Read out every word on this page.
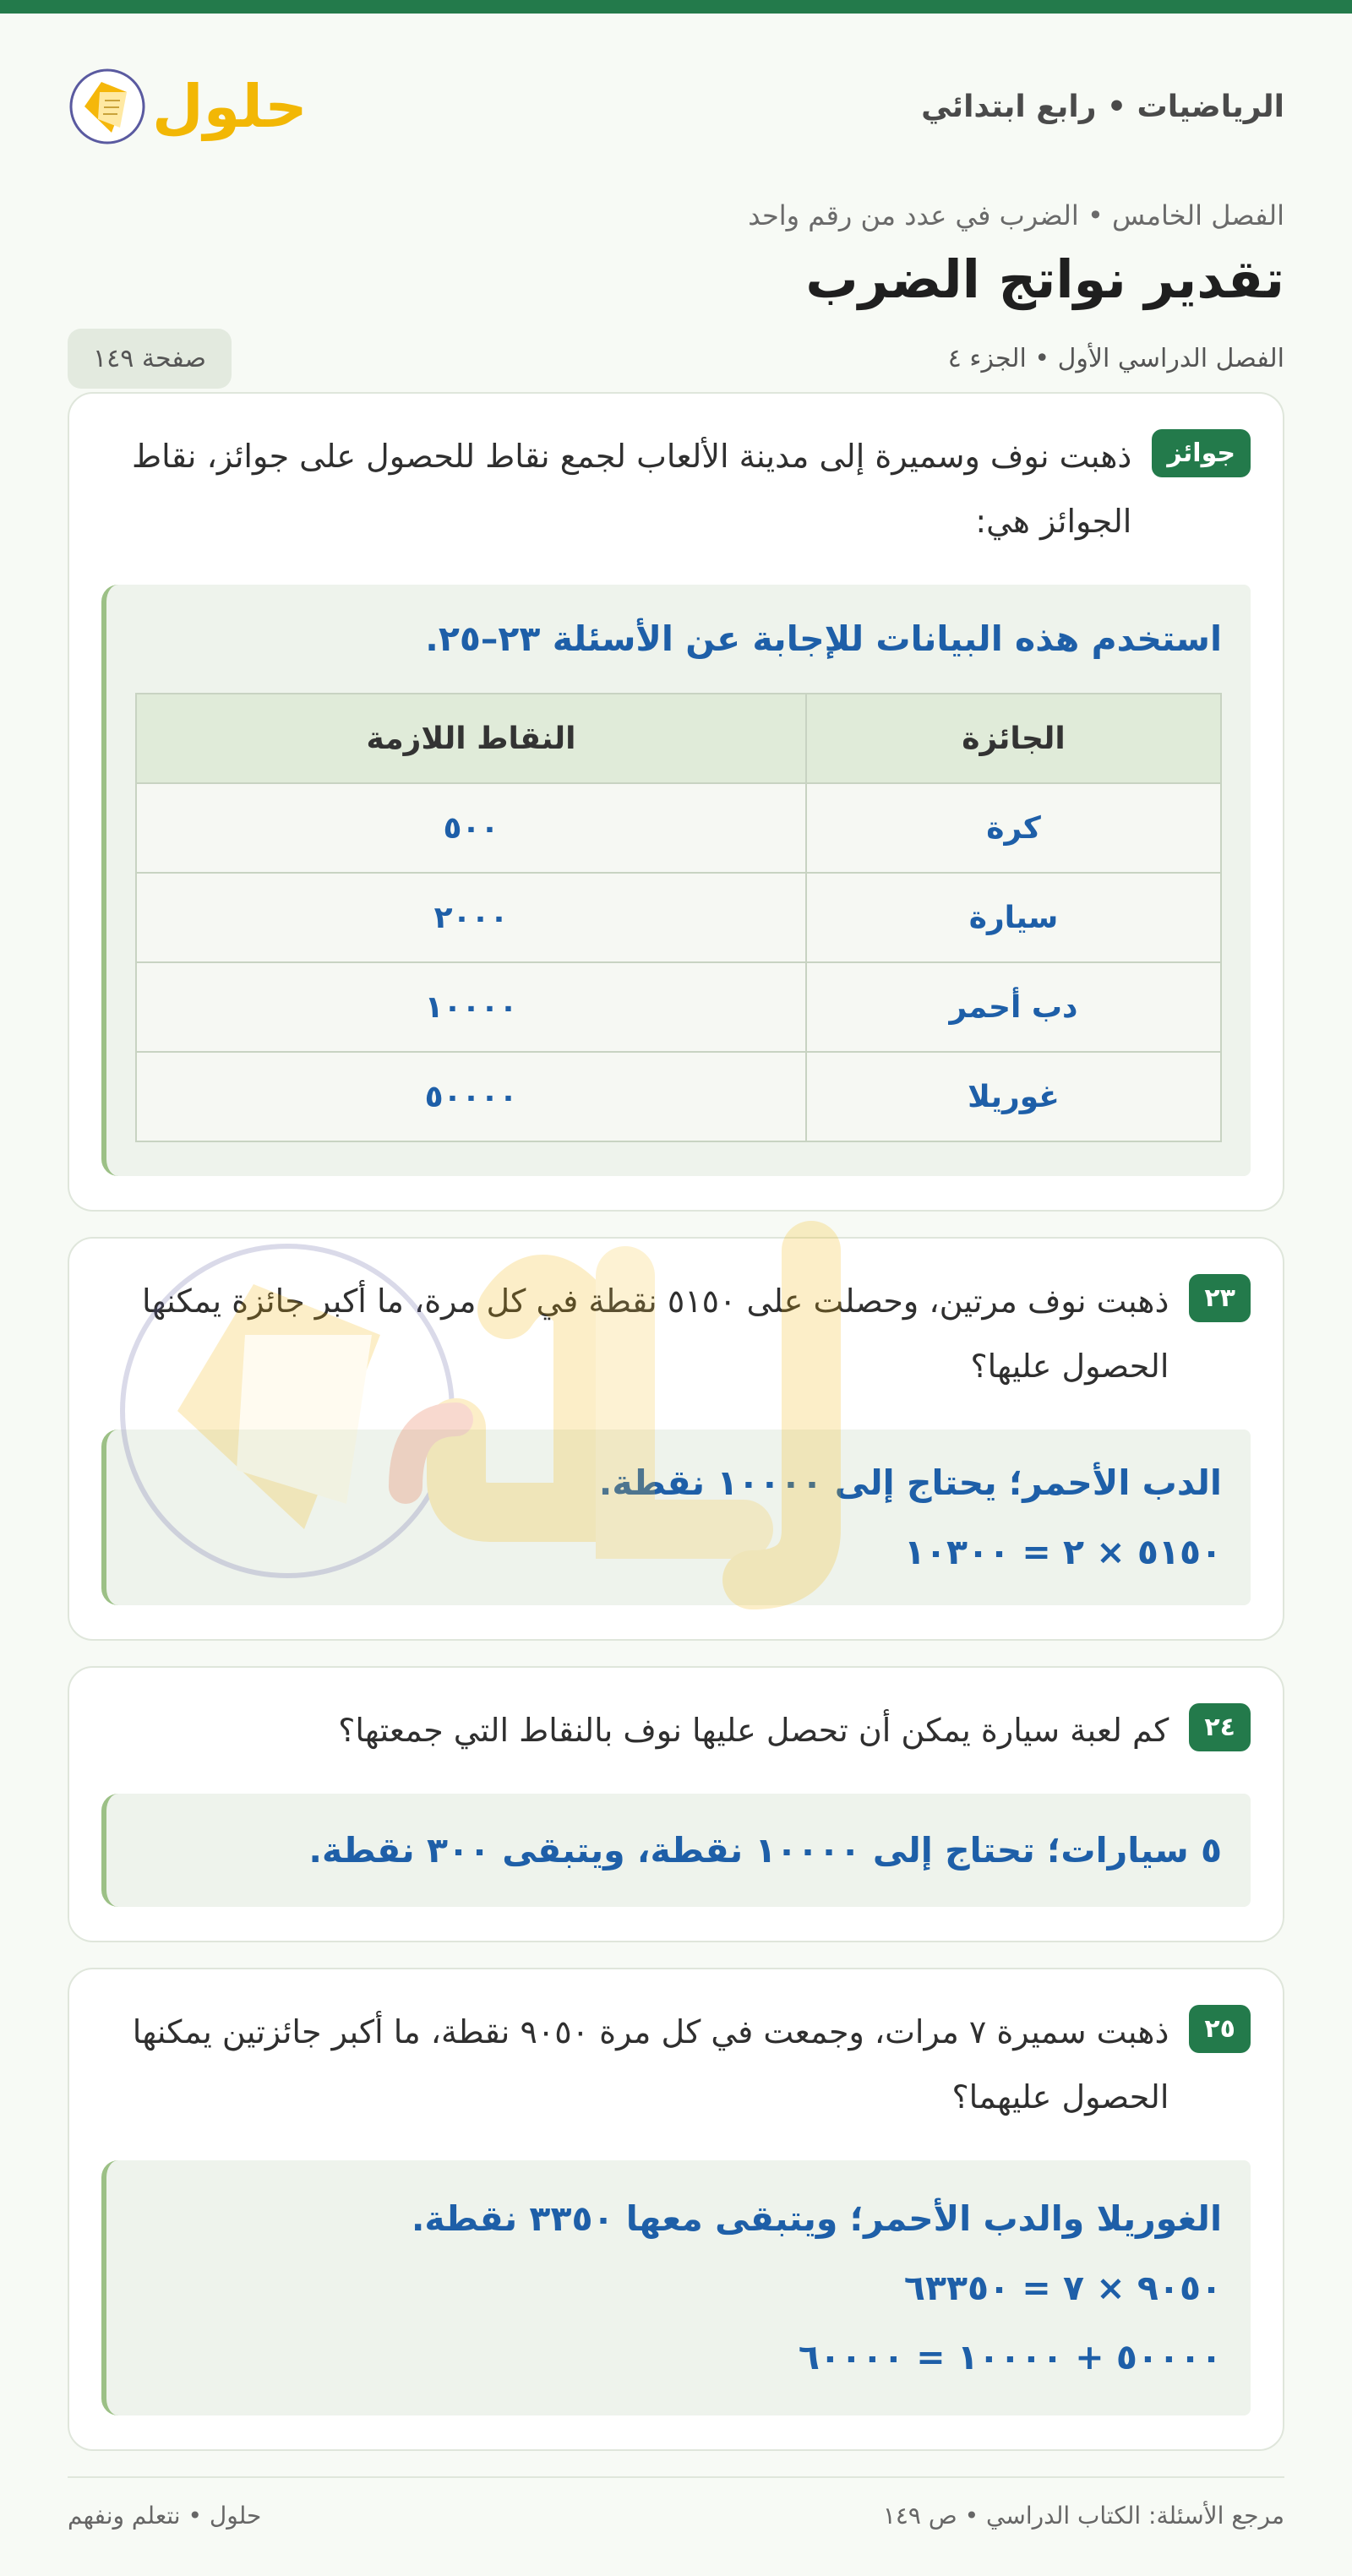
الرياضيات • رابع ابتدائي
حلول
الفصل الخامس • الضرب في عدد من رقم واحد
تقدير نواتج الضرب
الفصل الدراسي الأول • الجزء ٤
صفحة ١٤٩
جوائز
ذهبت نوف وسميرة إلى مدينة الألعاب لجمع نقاط للحصول على جوائز، نقاط الجوائز هي:
استخدم هذه البيانات للإجابة عن الأسئلة ٢٣–٢٥.
الجائزة	النقاط اللازمة
كرة	٥٠٠
سيارة	٢٠٠٠
دب أحمر	١٠٠٠٠
غوريلا	٥٠٠٠٠
٢٣
ذهبت نوف مرتين، وحصلت على ٥١٥٠ نقطة في كل مرة، ما أكبر جائزة يمكنها الحصول عليها؟
الدب الأحمر؛ يحتاج إلى ١٠٠٠٠ نقطة.
٥١٥٠ × ٢ = ١٠٣٠٠
٢٤
كم لعبة سيارة يمكن أن تحصل عليها نوف بالنقاط التي جمعتها؟
٥ سيارات؛ تحتاج إلى ١٠٠٠٠ نقطة، ويتبقى ٣٠٠ نقطة.
٢٥
ذهبت سميرة ٧ مرات، وجمعت في كل مرة ٩٠٥٠ نقطة، ما أكبر جائزتين يمكنها الحصول عليهما؟
الغوريلا والدب الأحمر؛ ويتبقى معها ٣٣٥٠ نقطة.
٩٠٥٠ × ٧ = ٦٣٣٥٠
٥٠٠٠٠ + ١٠٠٠٠ = ٦٠٠٠٠
مرجع الأسئلة: الكتاب الدراسي • ص ١٤٩
حلول • نتعلم ونفهم
